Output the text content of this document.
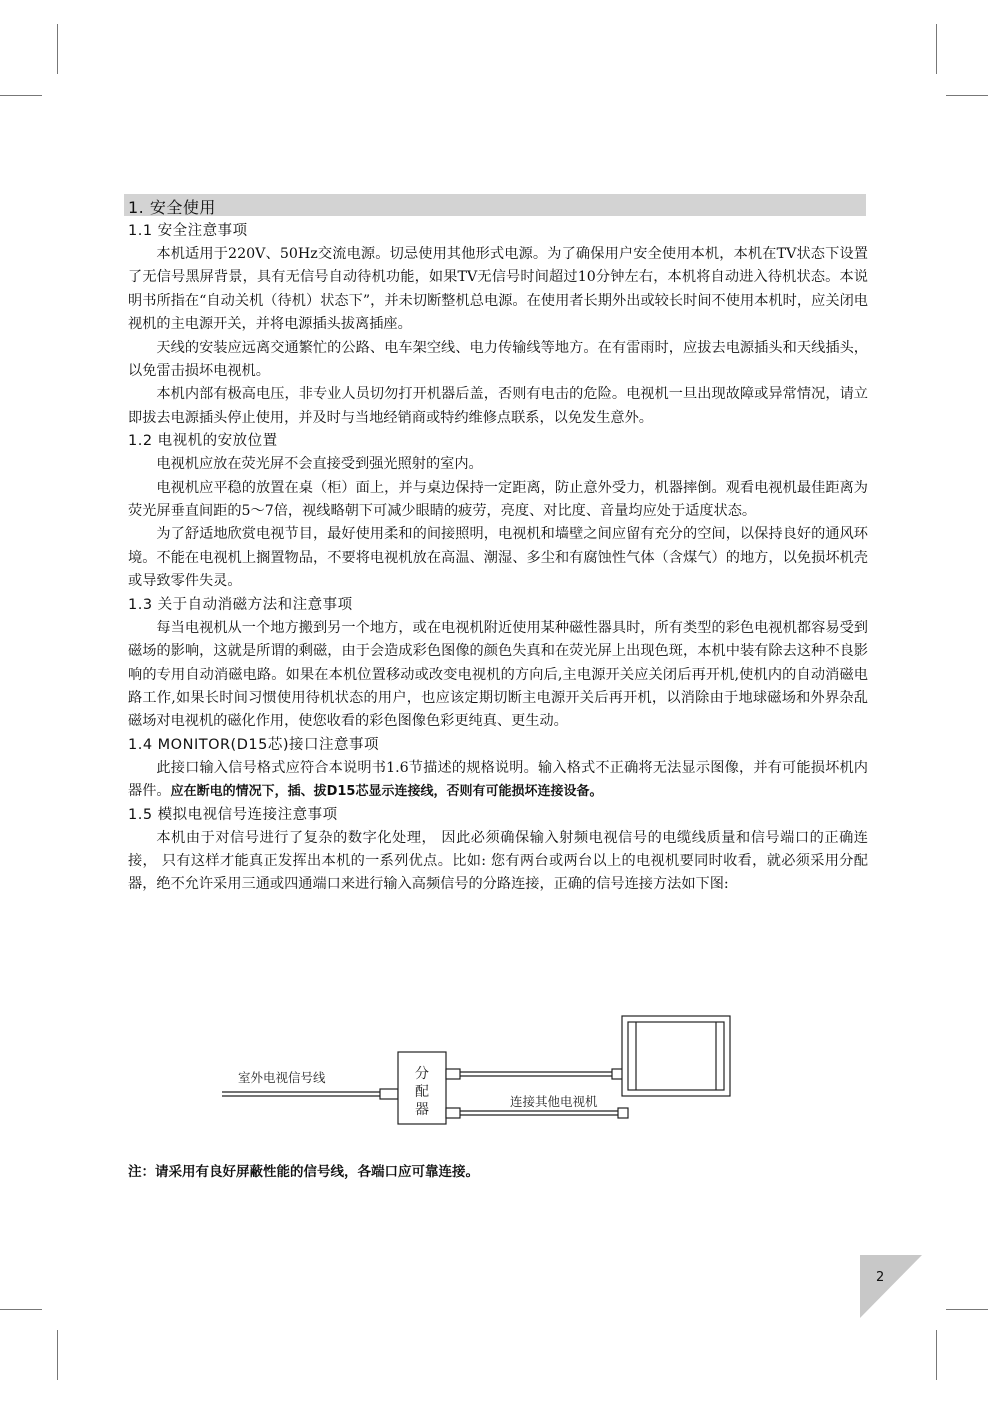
1. 安全使用
1.1 安全注意事项

本机适用于220V、50Hz交流电源。切忌使用其他形式电源。为了确保用户安全使用本机，本机在TV状态下设置了无信号黑屏背景，具有无信号自动待机功能，如果TV无信号时间超过10分钟左右，本机将自动进入待机状态。本说明书所指在“自动关机（待机）状态下”，并未切断整机总电源。在使用者长期外出或较长时间不使用本机时，应关闭电视机的主电源开关，并将电源插头拔离插座。

天线的安装应远离交通繁忙的公路、电车架空线、电力传输线等地方。在有雷雨时，应拔去电源插头和天线插头，以免雷击损坏电视机。

本机内部有极高电压，非专业人员切勿打开机器后盖，否则有电击的危险。电视机一旦出现故障或异常情况，请立即拔去电源插头停止使用，并及时与当地经销商或特约维修点联系，以免发生意外。

1.2 电视机的安放位置

电视机应放在荧光屏不会直接受到强光照射的室内。

电视机应平稳的放置在桌（柜）面上，并与桌边保持一定距离，防止意外受力，机器摔倒。观看电视机最佳距离为荧光屏垂直间距的5～7倍，视线略朝下可减少眼睛的疲劳，亮度、对比度、音量均应处于适度状态。

为了舒适地欣赏电视节目，最好使用柔和的间接照明，电视机和墙壁之间应留有充分的空间，以保持良好的通风环境。不能在电视机上搁置物品，不要将电视机放在高温、潮湿、多尘和有腐蚀性气体（含煤气）的地方，以免损坏机壳或导致零件失灵。

1.3 关于自动消磁方法和注意事项

每当电视机从一个地方搬到另一个地方，或在电视机附近使用某种磁性器具时，所有类型的彩色电视机都容易受到磁场的影响，这就是所谓的剩磁，由于会造成彩色图像的颜色失真和在荧光屏上出现色斑，本机中装有除去这种不良影响的专用自动消磁电路。如果在本机位置移动或改变电视机的方向后,主电源开关应关闭后再开机,使机内的自动消磁电路工作,如果长时间习惯使用待机状态的用户，也应该定期切断主电源开关后再开机，以消除由于地球磁场和外界杂乱磁场对电视机的磁化作用，使您收看的彩色图像色彩更纯真、更生动。

1.4 MONITOR(D15芯)接口注意事项

此接口输入信号格式应符合本说明书1.6节描述的规格说明。输入格式不正确将无法显示图像，并有可能损坏机内器件。应在断电的情况下，插、拔D15芯显示连接线，否则有可能损坏连接设备。

1.5 模拟电视信号连接注意事项

本机由于对信号进行了复杂的数字化处理， 因此必须确保输入射频电视信号的电缆线质量和信号端口的正确连接， 只有这样才能真正发挥出本机的一系列优点。比如: 您有两台或两台以上的电视机要同时收看，就必须采用分配器，绝不允许采用三通或四通端口来进行输入高频信号的分路连接，正确的信号连接方法如下图:

室外电视信号线	分
配
器
连接其他电视机
注：请采用有良好屏蔽性能的信号线，各端口应可靠连接。
2
